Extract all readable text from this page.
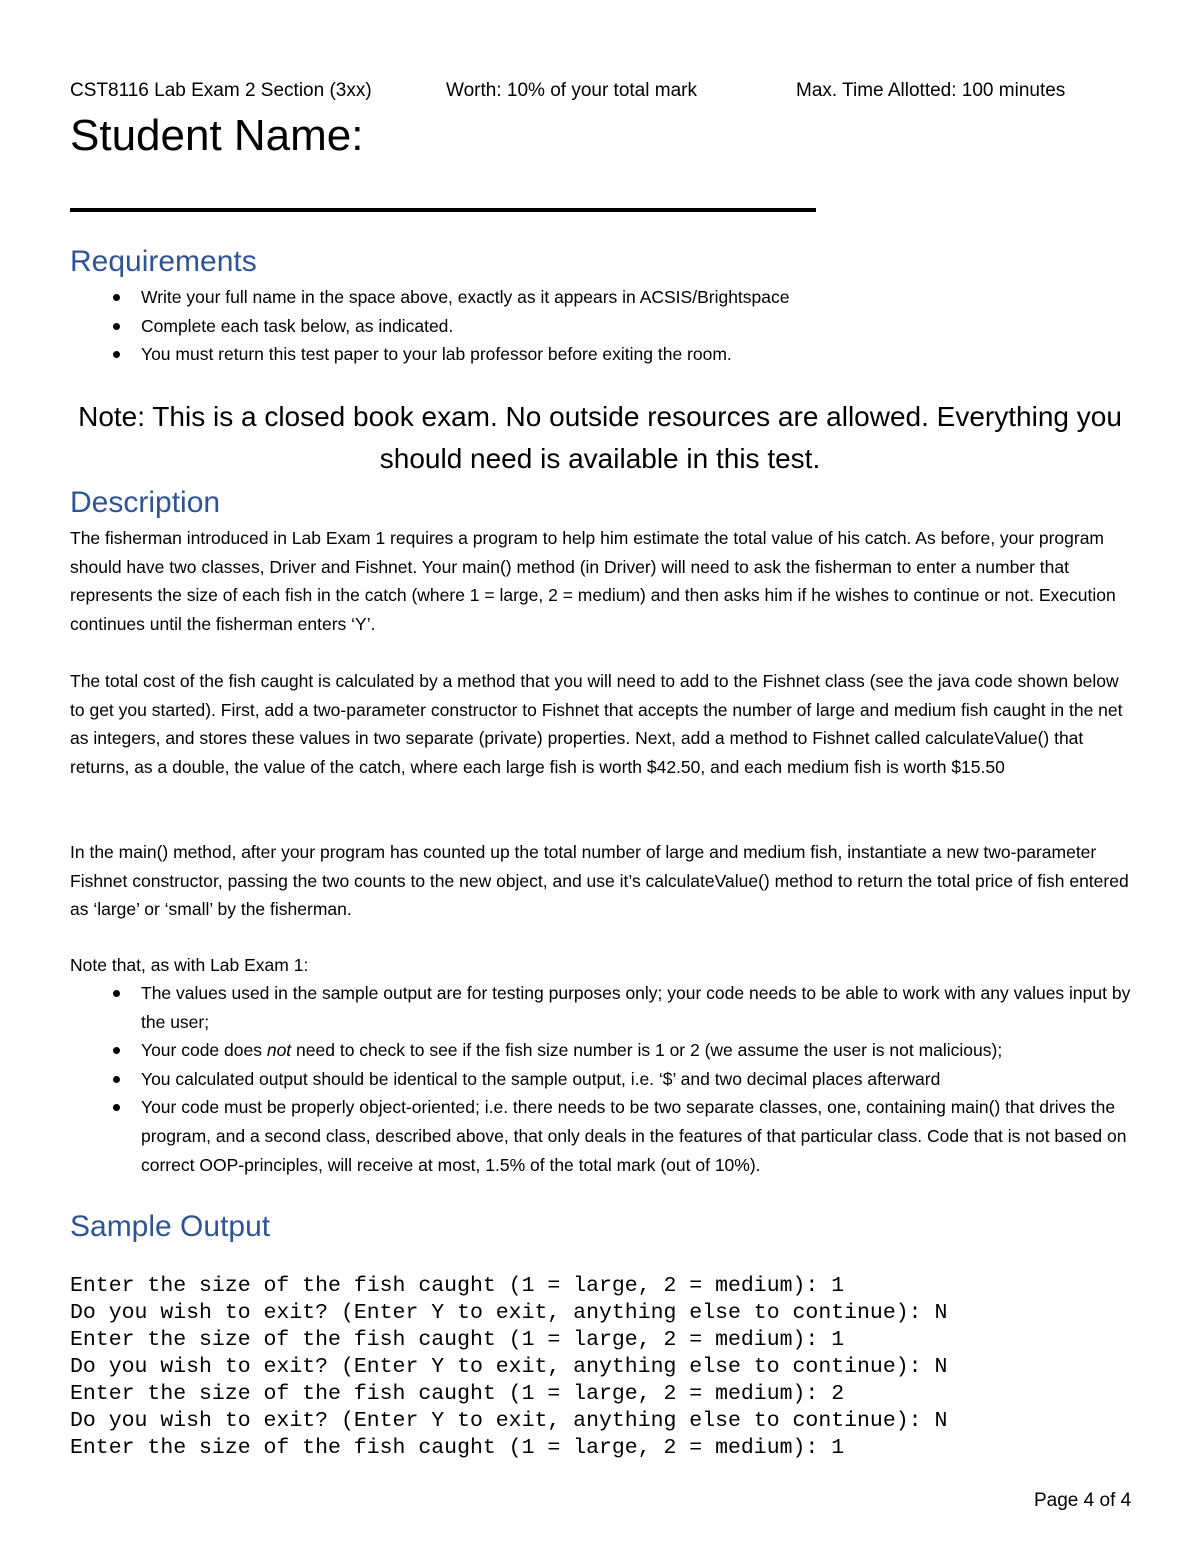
CST8116 Lab Exam 2 Section (3xx)	Worth: 10% of your total mark	Max. Time Allotted: 100 minutes
Student Name:
Requirements
Write your full name in the space above, exactly as it appears in ACSIS/Brightspace
Complete each task below, as indicated.
You must return this test paper to your lab professor before exiting the room.
Note: This is a closed book exam. No outside resources are allowed. Everything you should need is available in this test.
Description

The fisherman introduced in Lab Exam 1 requires a program to help him estimate the total value of his catch. As before, your program should have two classes, Driver and Fishnet. Your main() method (in Driver) will need to ask the fisherman to enter a number that represents the size of each fish in the catch (where 1 = large, 2 = medium) and then asks him if he wishes to continue or not. Execution continues until the fisherman enters ‘Y’.

The total cost of the fish caught is calculated by a method that you will need to add to the Fishnet class (see the java code shown below to get you started). First, add a two-parameter constructor to Fishnet that accepts the number of large and medium fish caught in the net as integers, and stores these values in two separate (private) properties. Next, add a method to Fishnet called calculateValue() that returns, as a double, the value of the catch, where each large fish is worth $42.50, and each medium fish is worth $15.50

In the main() method, after your program has counted up the total number of large and medium fish, instantiate a new two-parameter Fishnet constructor, passing the two counts to the new object, and use it’s calculateValue() method to return the total price of fish entered as ‘large’ or ‘small’ by the fisherman.

Note that, as with Lab Exam 1:

The values used in the sample output are for testing purposes only; your code needs to be able to work with any values input by the user;
Your code does not need to check to see if the fish size number is 1 or 2 (we assume the user is not malicious);
You calculated output should be identical to the sample output, i.e. ‘$’ and two decimal places afterward
Your code must be properly object-oriented; i.e. there needs to be two separate classes, one, containing main() that drives the program, and a second class, described above, that only deals in the features of that particular class. Code that is not based on correct OOP-principles, will receive at most, 1.5% of the total mark (out of 10%).
Sample Output
Enter the size of the fish caught (1 = large, 2 = medium): 1
Do you wish to exit? (Enter Y to exit, anything else to continue): N
Enter the size of the fish caught (1 = large, 2 = medium): 1
Do you wish to exit? (Enter Y to exit, anything else to continue): N
Enter the size of the fish caught (1 = large, 2 = medium): 2
Do you wish to exit? (Enter Y to exit, anything else to continue): N
Enter the size of the fish caught (1 = large, 2 = medium): 1
Page 4 of 4
